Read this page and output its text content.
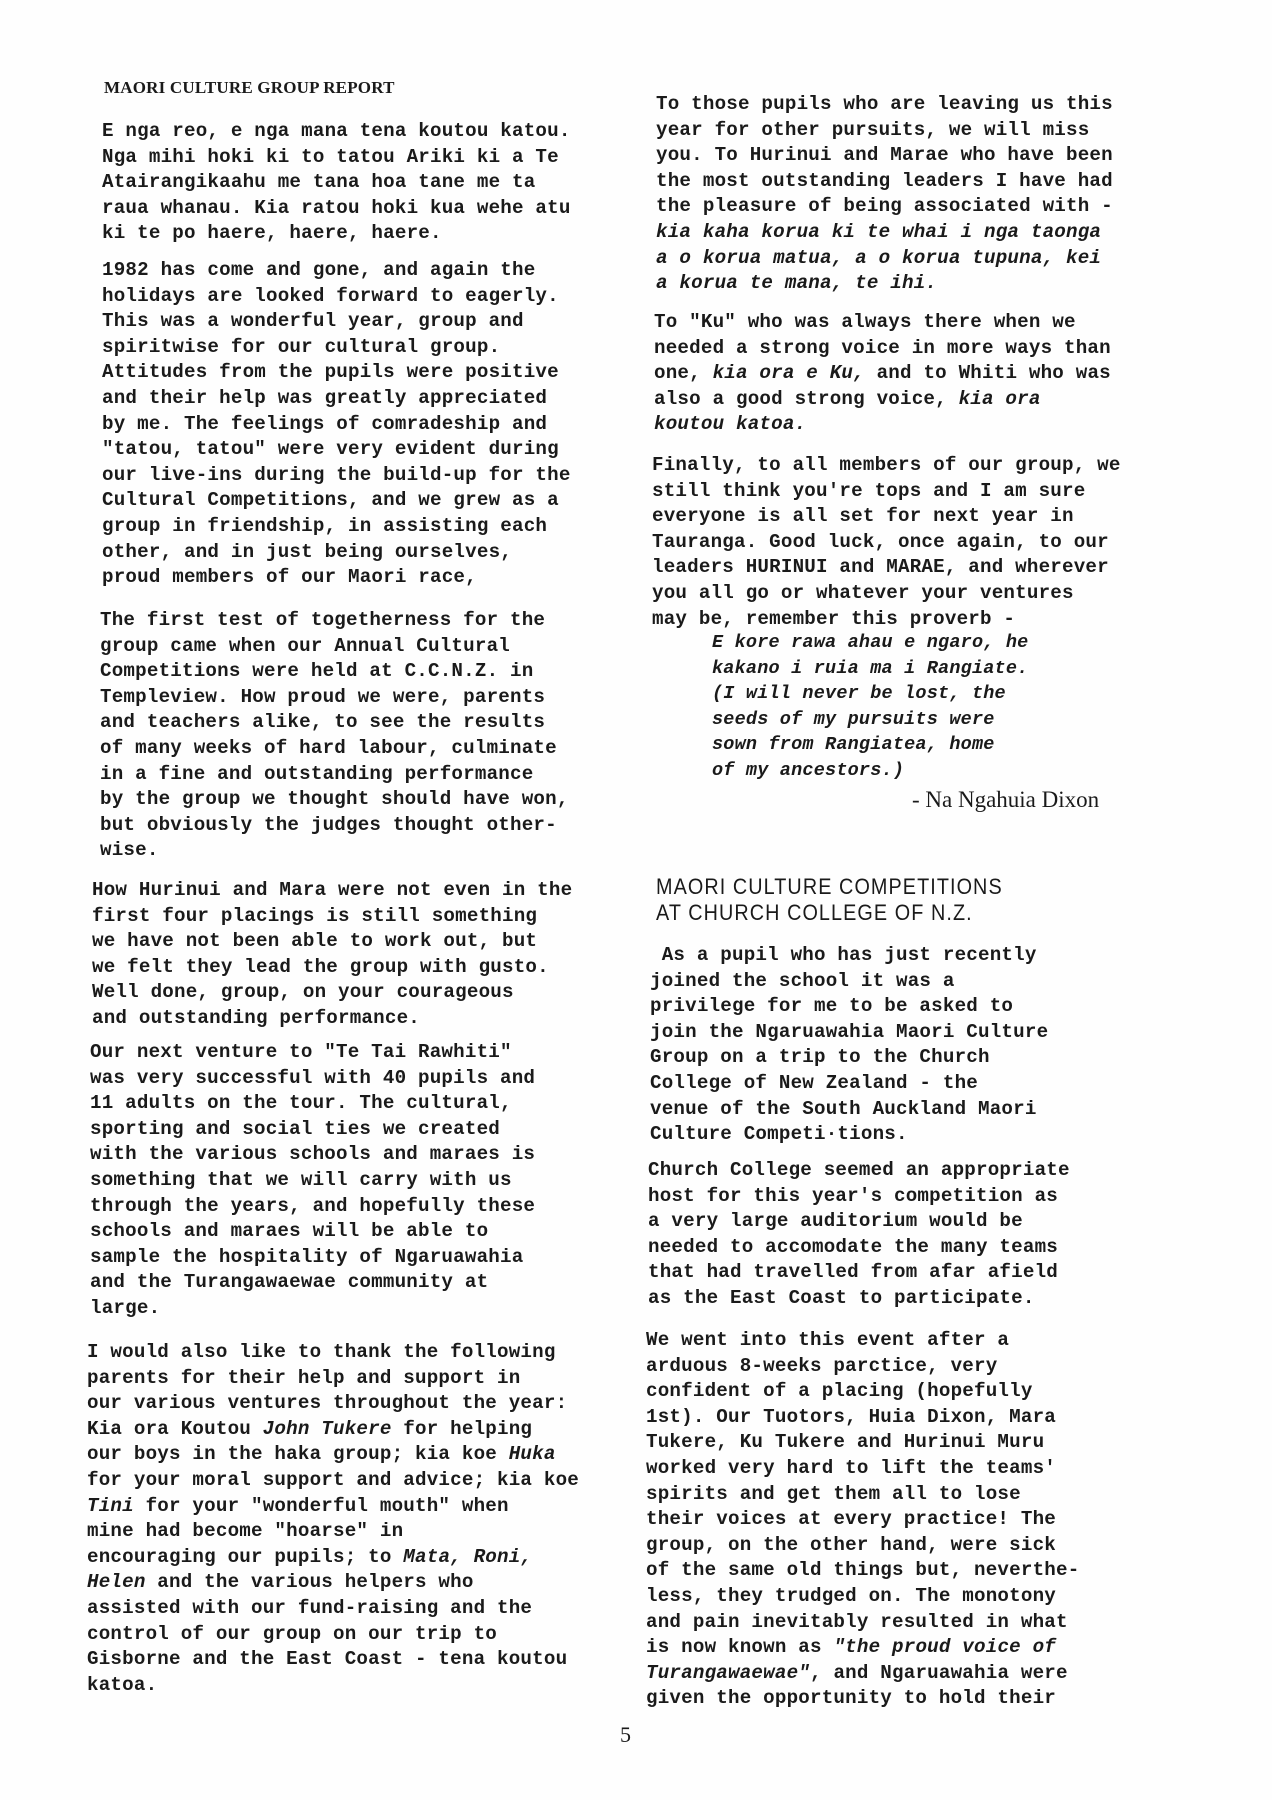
MAORI CULTURE GROUP REPORT
E nga reo, e nga mana tena koutou katou.
Nga mihi hoki ki to tatou Ariki ki a Te
Atairangikaahu me tana hoa tane me ta
raua whanau. Kia ratou hoki kua wehe atu
ki te po haere, haere, haere.
1982 has come and gone, and again the
holidays are looked forward to eagerly.
This was a wonderful year, group and
spiritwise for our cultural group.
Attitudes from the pupils were positive
and their help was greatly appreciated
by me. The feelings of comradeship and
"tatou, tatou" were very evident during
our live-ins during the build-up for the
Cultural Competitions, and we grew as a
group in friendship, in assisting each
other, and in just being ourselves,
proud members of our Maori race,
The first test of togetherness for the
group came when our Annual Cultural
Competitions were held at C.C.N.Z. in
Templeview. How proud we were, parents
and teachers alike, to see the results
of many weeks of hard labour, culminate
in a fine and outstanding performance
by the group we thought should have won,
but obviously the judges thought other-
wise.
How Hurinui and Mara were not even in the
first four placings is still something
we have not been able to work out, but
we felt they lead the group with gusto.
Well done, group, on your courageous
and outstanding performance.
Our next venture to "Te Tai Rawhiti"
was very successful with 40 pupils and
11 adults on the tour. The cultural,
sporting and social ties we created
with the various schools and maraes is
something that we will carry with us
through the years, and hopefully these
schools and maraes will be able to
sample the hospitality of Ngaruawahia
and the Turangawaewae community at
large.
I would also like to thank the following
parents for their help and support in
our various ventures throughout the year:
Kia ora Koutou John Tukere for helping
our boys in the haka group; kia koe Huka
for your moral support and advice; kia koe
Tini for your "wonderful mouth" when
mine had become "hoarse" in
encouraging our pupils; to Mata, Roni,
Helen and the various helpers who
assisted with our fund-raising and the
control of our group on our trip to
Gisborne and the East Coast - tena koutou
katoa.
To those pupils who are leaving us this
year for other pursuits, we will miss
you. To Hurinui and Marae who have been
the most outstanding leaders I have had
the pleasure of being associated with -
kia kaha korua ki te whai i nga taonga
a o korua matua, a o korua tupuna, kei
a korua te mana, te ihi.
To "Ku" who was always there when we
needed a strong voice in more ways than
one, kia ora e Ku, and to Whiti who was
also a good strong voice, kia ora
koutou katoa.
Finally, to all members of our group, we
still think you're tops and I am sure
everyone is all set for next year in
Tauranga. Good luck, once again, to our
leaders HURINUI and MARAE, and wherever
you all go or whatever your ventures
may be, remember this proverb -
E kore rawa ahau e ngaro, he
kakano i ruia ma i Rangiate.
(I will never be lost, the
seeds of my pursuits were
sown from Rangiatea, home
of my ancestors.)
- Na Ngahuia Dixon
MAORI CULTURE COMPETITIONS
AT CHURCH COLLEGE OF N.Z.
As a pupil who has just recently
joined the school it was a
privilege for me to be asked to
join the Ngaruawahia Maori Culture
Group on a trip to the Church
College of New Zealand - the
venue of the South Auckland Maori
Culture Competi·tions.
Church College seemed an appropriate
host for this year's competition as
a very large auditorium would be
needed to accomodate the many teams
that had travelled from afar afield
as the East Coast to participate.
We went into this event after a
arduous 8-weeks parctice, very
confident of a placing (hopefully
1st). Our Tuotors, Huia Dixon, Mara
Tukere, Ku Tukere and Hurinui Muru
worked very hard to lift the teams'
spirits and get them all to lose
their voices at every practice! The
group, on the other hand, were sick
of the same old things but, neverthe-
less, they trudged on. The monotony
and pain inevitably resulted in what
is now known as "the proud voice of
Turangawaewae", and Ngaruawahia were
given the opportunity to hold their
5
